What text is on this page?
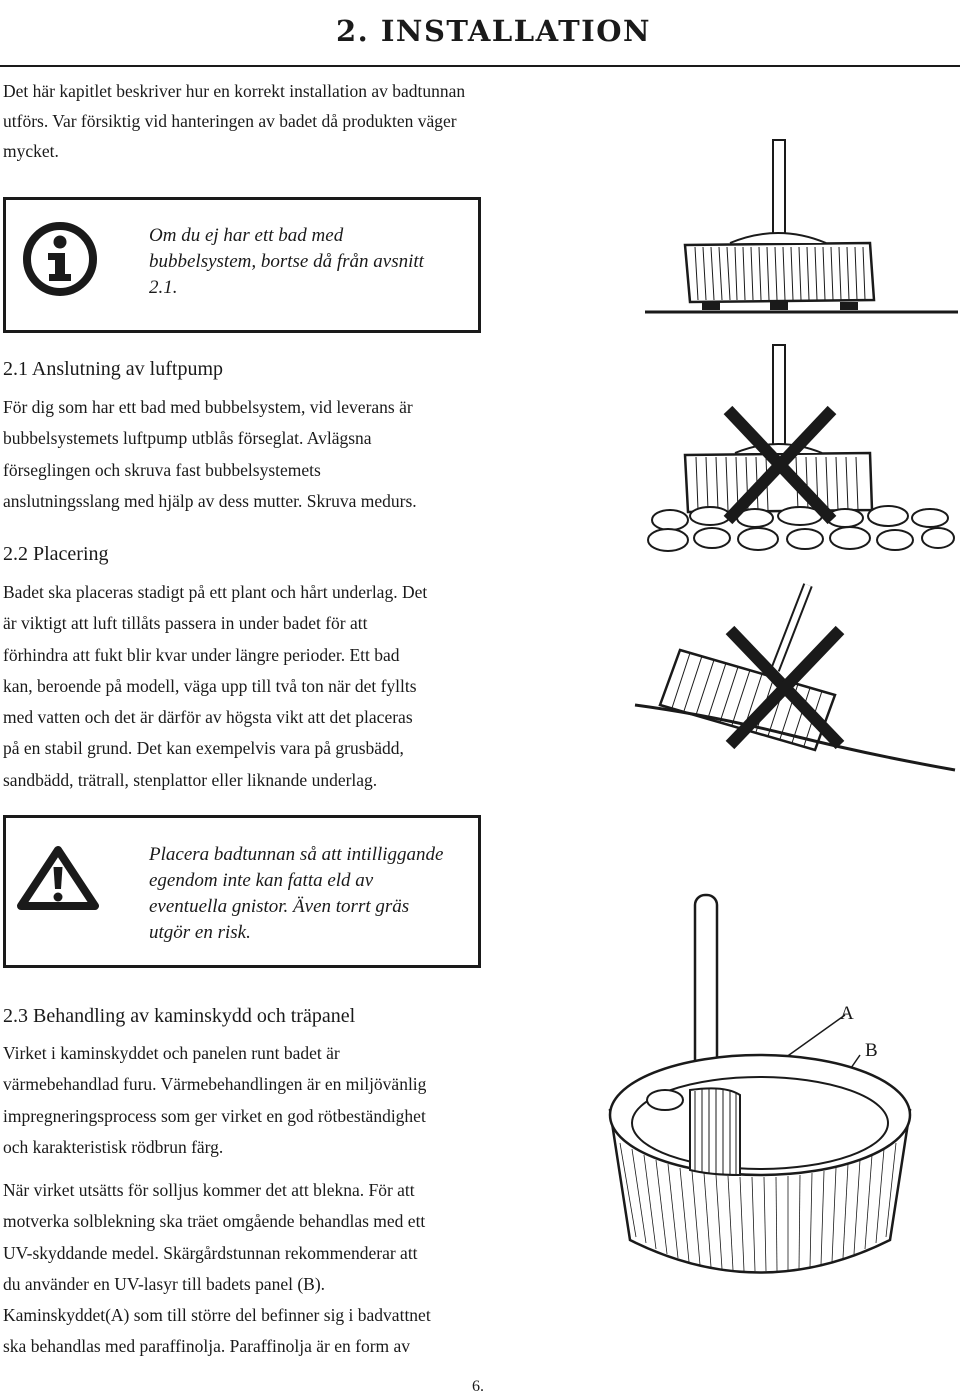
2. INSTALLATION
Det här kapitlet beskriver hur en korrekt installation av badtunnan utförs. Var försiktig vid hanteringen av badet då produkten väger mycket.
Om du ej har ett bad med
bubbelsystem, bortse då från avsnitt
2.1.
2.1 Anslutning av luftpump
För dig som har ett bad med bubbelsystem, vid leverans är
bubbelsystemets luftpump utblås förseglat. Avlägsna
förseglingen och skruva fast bubbelsystemets
anslutningsslang med hjälp av dess mutter. Skruva medurs.
2.2 Placering
Badet ska placeras stadigt på ett plant och hårt underlag. Det
är viktigt att luft tillåts passera in under badet för att
förhindra att fukt blir kvar under längre perioder. Ett bad
kan, beroende på modell, väga upp till två ton när det fyllts
med vatten och det är därför av högsta vikt att det placeras
på en stabil grund. Det kan exempelvis vara på grusbädd,
sandbädd, trätrall, stenplattor eller liknande underlag.
Placera badtunnan så att intilliggande
egendom inte kan fatta eld av
eventuella gnistor. Även torrt gräs
utgör en risk.
2.3 Behandling av kaminskydd och träpanel
Virket i kaminskyddet och panelen runt badet är
värmebehandlad furu. Värmebehandlingen är en miljövänlig
impregneringsprocess som ger virket en god rötbeständighet
och karakteristisk rödbrun färg.
När virket utsätts för solljus kommer det att blekna. För att
motverka solblekning ska träet omgående behandlas med ett
UV-skyddande medel. Skärgårdstunnan rekommenderar att
du använder en UV-lasyr till badets panel (B).
Kaminskyddet(A) som till större del befinner sig i badvattnet
ska behandlas med paraffinolja. Paraffinolja är en form av
A
B
6.
